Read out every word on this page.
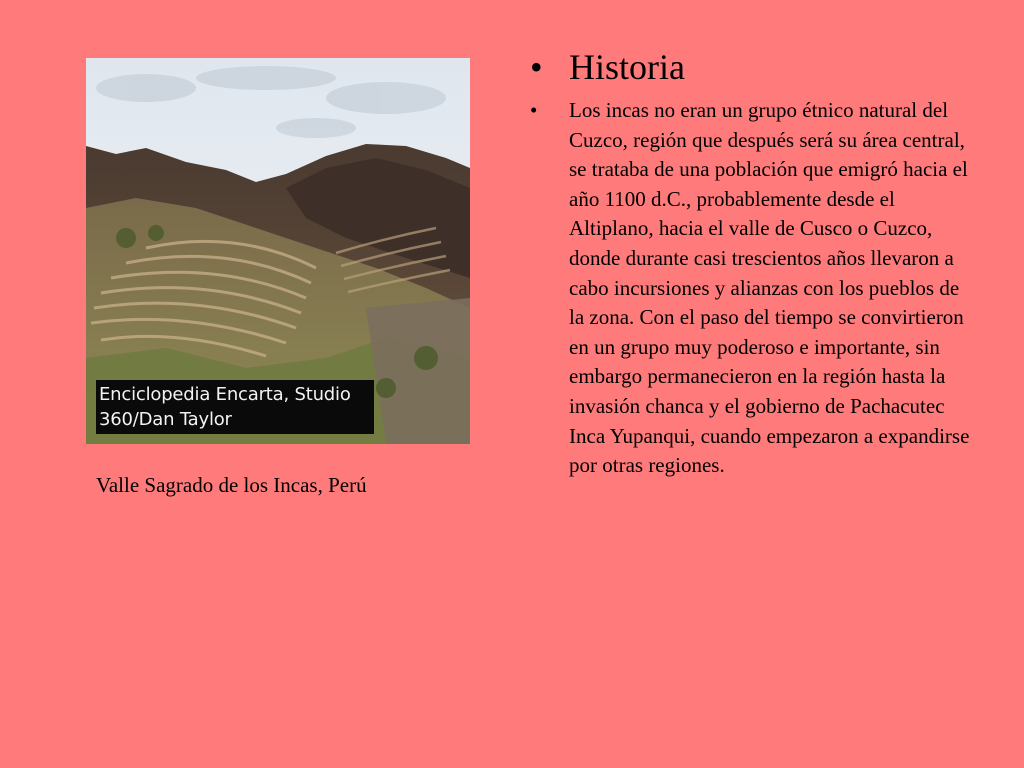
Enciclopedia Encarta, Studio 360/Dan Taylor
Valle Sagrado de los Incas, Perú
• Historia
• Los incas no eran un grupo étnico natural del Cuzco, región que después será su área central, se trataba de una población que emigró hacia el año 1100 d.C., probablemente desde el Altiplano, hacia el valle de Cusco o Cuzco, donde durante casi trescientos años llevaron a cabo incursiones y alianzas con los pueblos de la zona. Con el paso del tiempo se convirtieron en un grupo muy poderoso e importante, sin embargo permanecieron en la región hasta la invasión chanca y el gobierno de Pachacutec Inca Yupanqui, cuando empezaron a expandirse por otras regiones.
